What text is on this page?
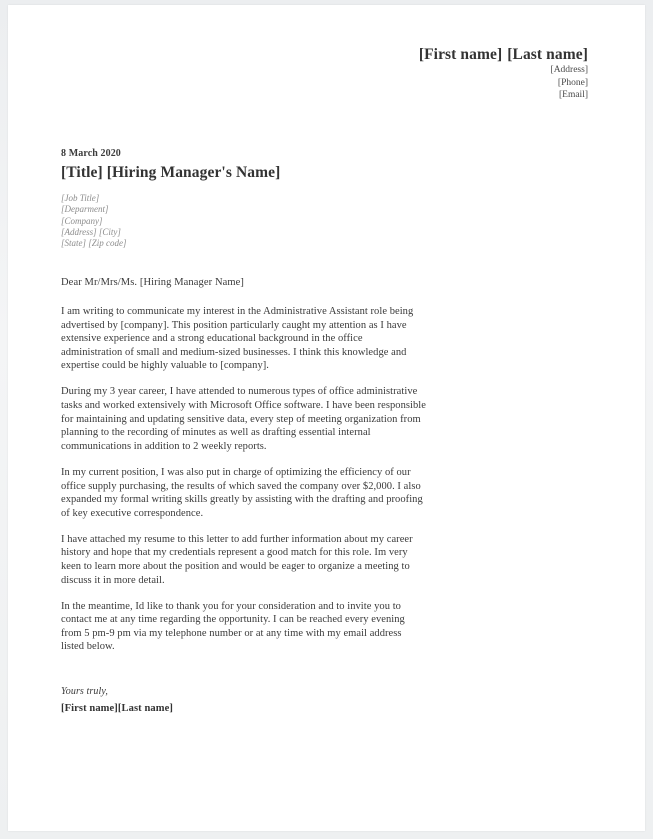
[First name] [Last name]
[Address]
[Phone]
[Email]
8 March 2020
[Title] [Hiring Manager's Name]
[Job Title]
[Deparment]
[Company]
[Address] [City]
[State] [Zip code]
Dear Mr/Mrs/Ms. [Hiring Manager Name]

I am writing to communicate my interest in the Administrative Assistant role being advertised by [company]. This position particularly caught my attention as I have extensive experience and a strong educational background in the office administration of small and medium-sized businesses. I think this knowledge and expertise could be highly valuable to [company].

During my 3 year career, I have attended to numerous types of office administrative tasks and worked extensively with Microsoft Office software. I have been responsible for maintaining and updating sensitive data, every step of meeting organization from planning to the recording of minutes as well as drafting essential internal communications in addition to 2 weekly reports.

In my current position, I was also put in charge of optimizing the efficiency of our office supply purchasing, the results of which saved the company over $2,000. I also expanded my formal writing skills greatly by assisting with the drafting and proofing of key executive correspondence.

I have attached my resume to this letter to add further information about my career history and hope that my credentials represent a good match for this role. Im very keen to learn more about the position and would be eager to organize a meeting to discuss it in more detail.

In the meantime, Id like to thank you for your consideration and to invite you to contact me at any time regarding the opportunity. I can be reached every evening from 5 pm-9 pm via my telephone number or at any time with my email address listed below.

Yours truly,
[First name][Last name]
